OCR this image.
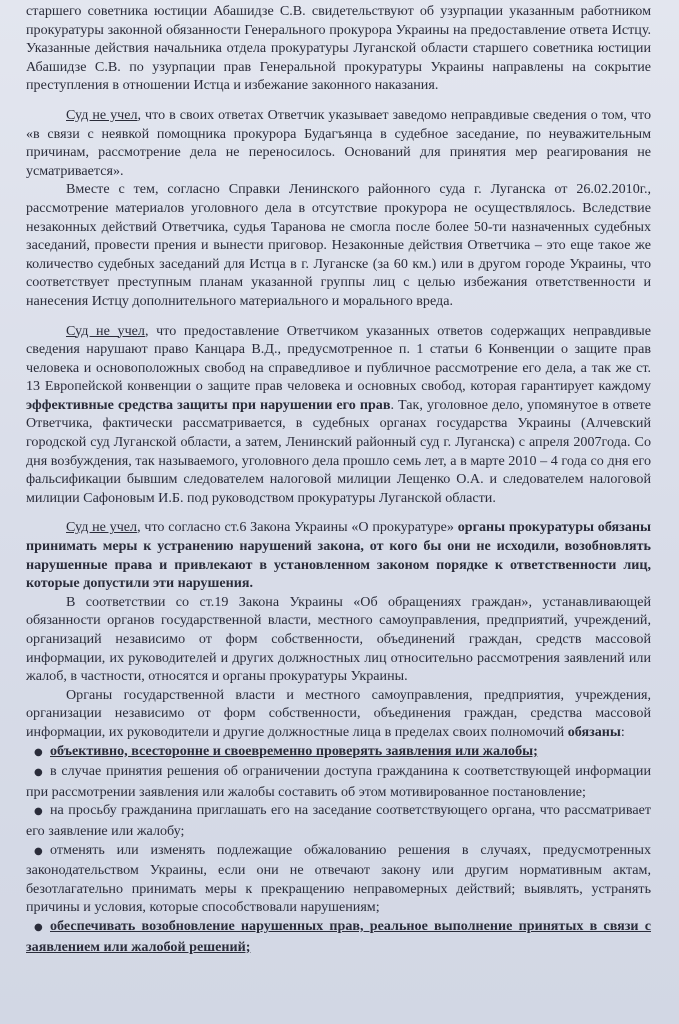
старшего советника юстиции Абашидзе С.В. свидетельствуют об узурпации указанным работником прокуратуры законной обязанности Генерального прокурора Украины на предоставление ответа Истцу. Указанные действия начальника отдела прокуратуры Луганской области старшего советника юстиции Абашидзе С.В. по узурпации прав Генеральной прокуратуры Украины направлены на сокрытие преступления в отношении Истца и избежание законного наказания.

Суд не учел, что в своих ответах Ответчик указывает заведомо неправдивые сведения о том, что «в связи с неявкой помощника прокурора Будагъянца в судебное заседание, по неуважительным причинам, рассмотрение дела не переносилось. Оснований для принятия мер реагирования не усматривается».

Вместе с тем, согласно Справки Ленинского районного суда г. Луганска от 26.02.2010г., рассмотрение материалов уголовного дела в отсутствие прокурора не осуществлялось. Вследствие незаконных действий Ответчика, судья Таранова не смогла после более 50-ти назначенных судебных заседаний, провести прения и вынести приговор. Незаконные действия Ответчика – это еще такое же количество судебных заседаний для Истца в г. Луганске (за 60 км.) или в другом городе Украины, что соответствует преступным планам указанной группы лиц с целью избежания ответственности и нанесения Истцу дополнительного материального и морального вреда.

Суд не учел, что предоставление Ответчиком указанных ответов содержащих неправдивые сведения нарушают право Канцара В.Д., предусмотренное п. 1 статьи 6 Конвенции о защите прав человека и основоположных свобод на справедливое и публичное рассмотрение его дела, а так же ст. 13 Европейской конвенции о защите прав человека и основных свобод, которая гарантирует каждому эффективные средства защиты при нарушении его прав. Так, уголовное дело, упомянутое в ответе Ответчика, фактически рассматривается, в судебных органах государства Украины (Алчевский городской суд Луганской области, а затем, Ленинский районный суд г. Луганска) с апреля 2007года. Со дня возбуждения, так называемого, уголовного дела прошло семь лет, а в марте 2010 – 4 года со дня его фальсификации бывшим следователем налоговой милиции Лещенко О.А. и следователем налоговой милиции Сафоновым И.Б. под руководством прокуратуры Луганской области.

Суд не учел, что согласно ст.6 Закона Украины «О прокуратуре» органы прокуратуры обязаны принимать меры к устранению нарушений закона, от кого бы они не исходили, возобновлять нарушенные права и привлекают в установленном законом порядке к ответственности лиц, которые допустили эти нарушения.

В соответствии со ст.19 Закона Украины «Об обращениях граждан», устанавливающей обязанности органов государственной власти, местного самоуправления, предприятий, учреждений, организаций независимо от форм собственности, объединений граждан, средств массовой информации, их руководителей и других должностных лиц относительно рассмотрения заявлений или жалоб, в частности, относятся и органы прокуратуры Украины.

Органы государственной власти и местного самоуправления, предприятия, учреждения, организации независимо от форм собственности, объединения граждан, средства массовой информации, их руководители и другие должностные лица в пределах своих полномочий обязаны:

● объективно, всесторонне и своевременно проверять заявления или жалобы;
● в случае принятия решения об ограничении доступа гражданина к соответствующей информации при рассмотрении заявления или жалобы составить об этом мотивированное постановление;
● на просьбу гражданина приглашать его на заседание соответствующего органа, что рассматривает его заявление или жалобу;
● отменять или изменять подлежащие обжалованию решения в случаях, предусмотренных законодательством Украины, если они не отвечают закону или другим нормативным актам, безотлагательно принимать меры к прекращению неправомерных действий; выявлять, устранять причины и условия, которые способствовали нарушениям;
● обеспечивать возобновление нарушенных прав, реальное выполнение принятых в связи с заявлением или жалобой решений;
